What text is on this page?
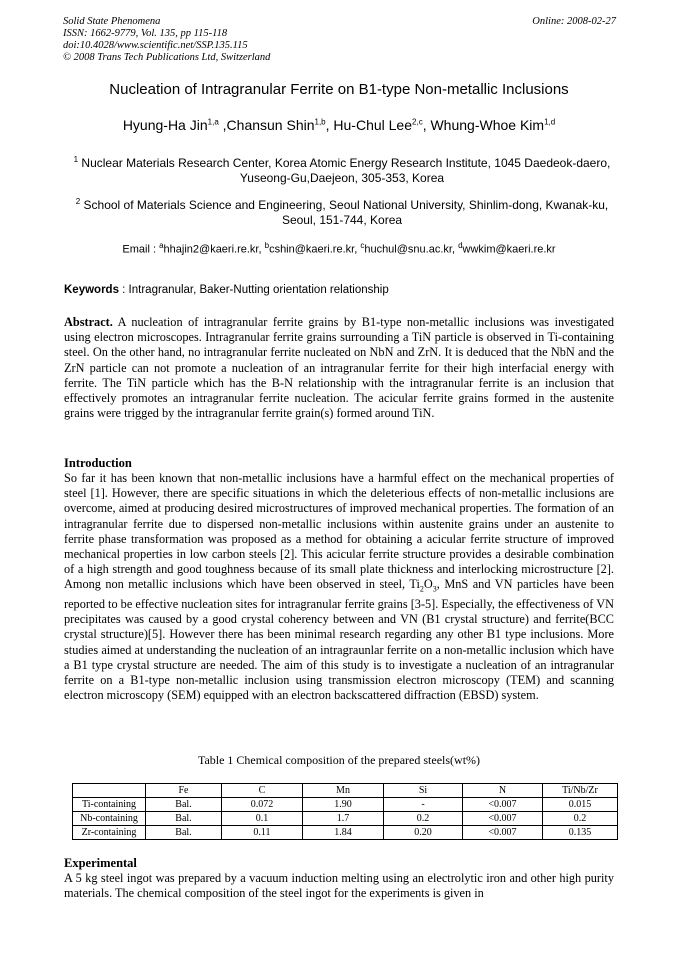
Solid State Phenomena
ISSN: 1662-9779, Vol. 135, pp 115-118
doi:10.4028/www.scientific.net/SSP.135.115
© 2008 Trans Tech Publications Ltd, Switzerland
Online: 2008-02-27
Nucleation of Intragranular Ferrite on B1-type Non-metallic Inclusions
Hyung-Ha Jin$^{1,a}$ ,Chansun Shin$^{1,b}$, Hu-Chul Lee$^{2,c}$, Whung-Whoe Kim$^{1,d}$
$^1$ Nuclear Materials Research Center, Korea Atomic Energy Research Institute, 1045 Daedeok-daero, Yuseong-Gu,Daejeon, 305-353, Korea
$^2$ School of Materials Science and Engineering, Seoul National University, Shinlim-dong, Kwanak-ku, Seoul, 151-744, Korea
Email : $^a$hhajin2@kaeri.re.kr, $^b$cshin@kaeri.re.kr, $^c$huchul@snu.ac.kr, $^d$wwkim@kaeri.re.kr
Keywords : Intragranular, Baker-Nutting orientation relationship
Abstract. A nucleation of intragranular ferrite grains by B1-type non-metallic inclusions was investigated using electron microscopes. Intragranular ferrite grains surrounding a TiN particle is observed in Ti-containing steel. On the other hand, no intragranular ferrite nucleated on NbN and ZrN. It is deduced that the NbN and the ZrN particle can not promote a nucleation of an intragranular ferrite for their high interfacial energy with ferrite. The TiN particle which has the B-N relationship with the intragranular ferrite is an inclusion that effectively promotes an intragranular ferrite nucleation. The acicular ferrite grains formed in the austenite grains were trigged by the intragranular ferrite grain(s) formed around TiN.
Introduction
So far it has been known that non-metallic inclusions have a harmful effect on the mechanical properties of steel [1]. However, there are specific situations in which the deleterious effects of non-metallic inclusions are overcome, aimed at producing desired microstructures of improved mechanical properties. The formation of an intragranular ferrite due to dispersed non-metallic inclusions within austenite grains under an austenite to ferrite phase transformation was proposed as a method for obtaining a acicular ferrite structure of improved mechanical properties in low carbon steels [2]. This acicular ferrite structure provides a desirable combination of a high strength and good toughness because of its small plate thickness and interlocking microstructure [2]. Among non metallic inclusions which have been observed in steel, $Ti_2O_3$, MnS and VN particles have been reported to be effective nucleation sites for intragranular ferrite grains [3-5]. Especially, the effectiveness of VN precipitates was caused by a good crystal coherency between and VN (B1 crystal structure) and ferrite(BCC crystal structure)[5]. However there has been minimal research regarding any other B1 type inclusions. More studies aimed at understanding the nucleation of an intragraunlar ferrite on a non-metallic inclusion which have a B1 type crystal structure are needed. The aim of this study is to investigate a nucleation of an intragranular ferrite on a B1-type non-metallic inclusion using transmission electron microscopy (TEM) and scanning electron microscopy (SEM) equipped with an electron backscattered diffraction (EBSD) system.
Table 1 Chemical composition of the prepared steels(wt%)
	Fe	C	Mn	Si	N	Ti/Nb/Zr
Ti-containing	Bal.	0.072	1.90	-	<0.007	0.015
Nb-containing	Bal.	0.1	1.7	0.2	<0.007	0.2
Zr-containing	Bal.	0.11	1.84	0.20	<0.007	0.135
Experimental
A 5 kg steel ingot was prepared by a vacuum induction melting using an electrolytic iron and other high purity materials. The chemical composition of the steel ingot for the experiments is given in
